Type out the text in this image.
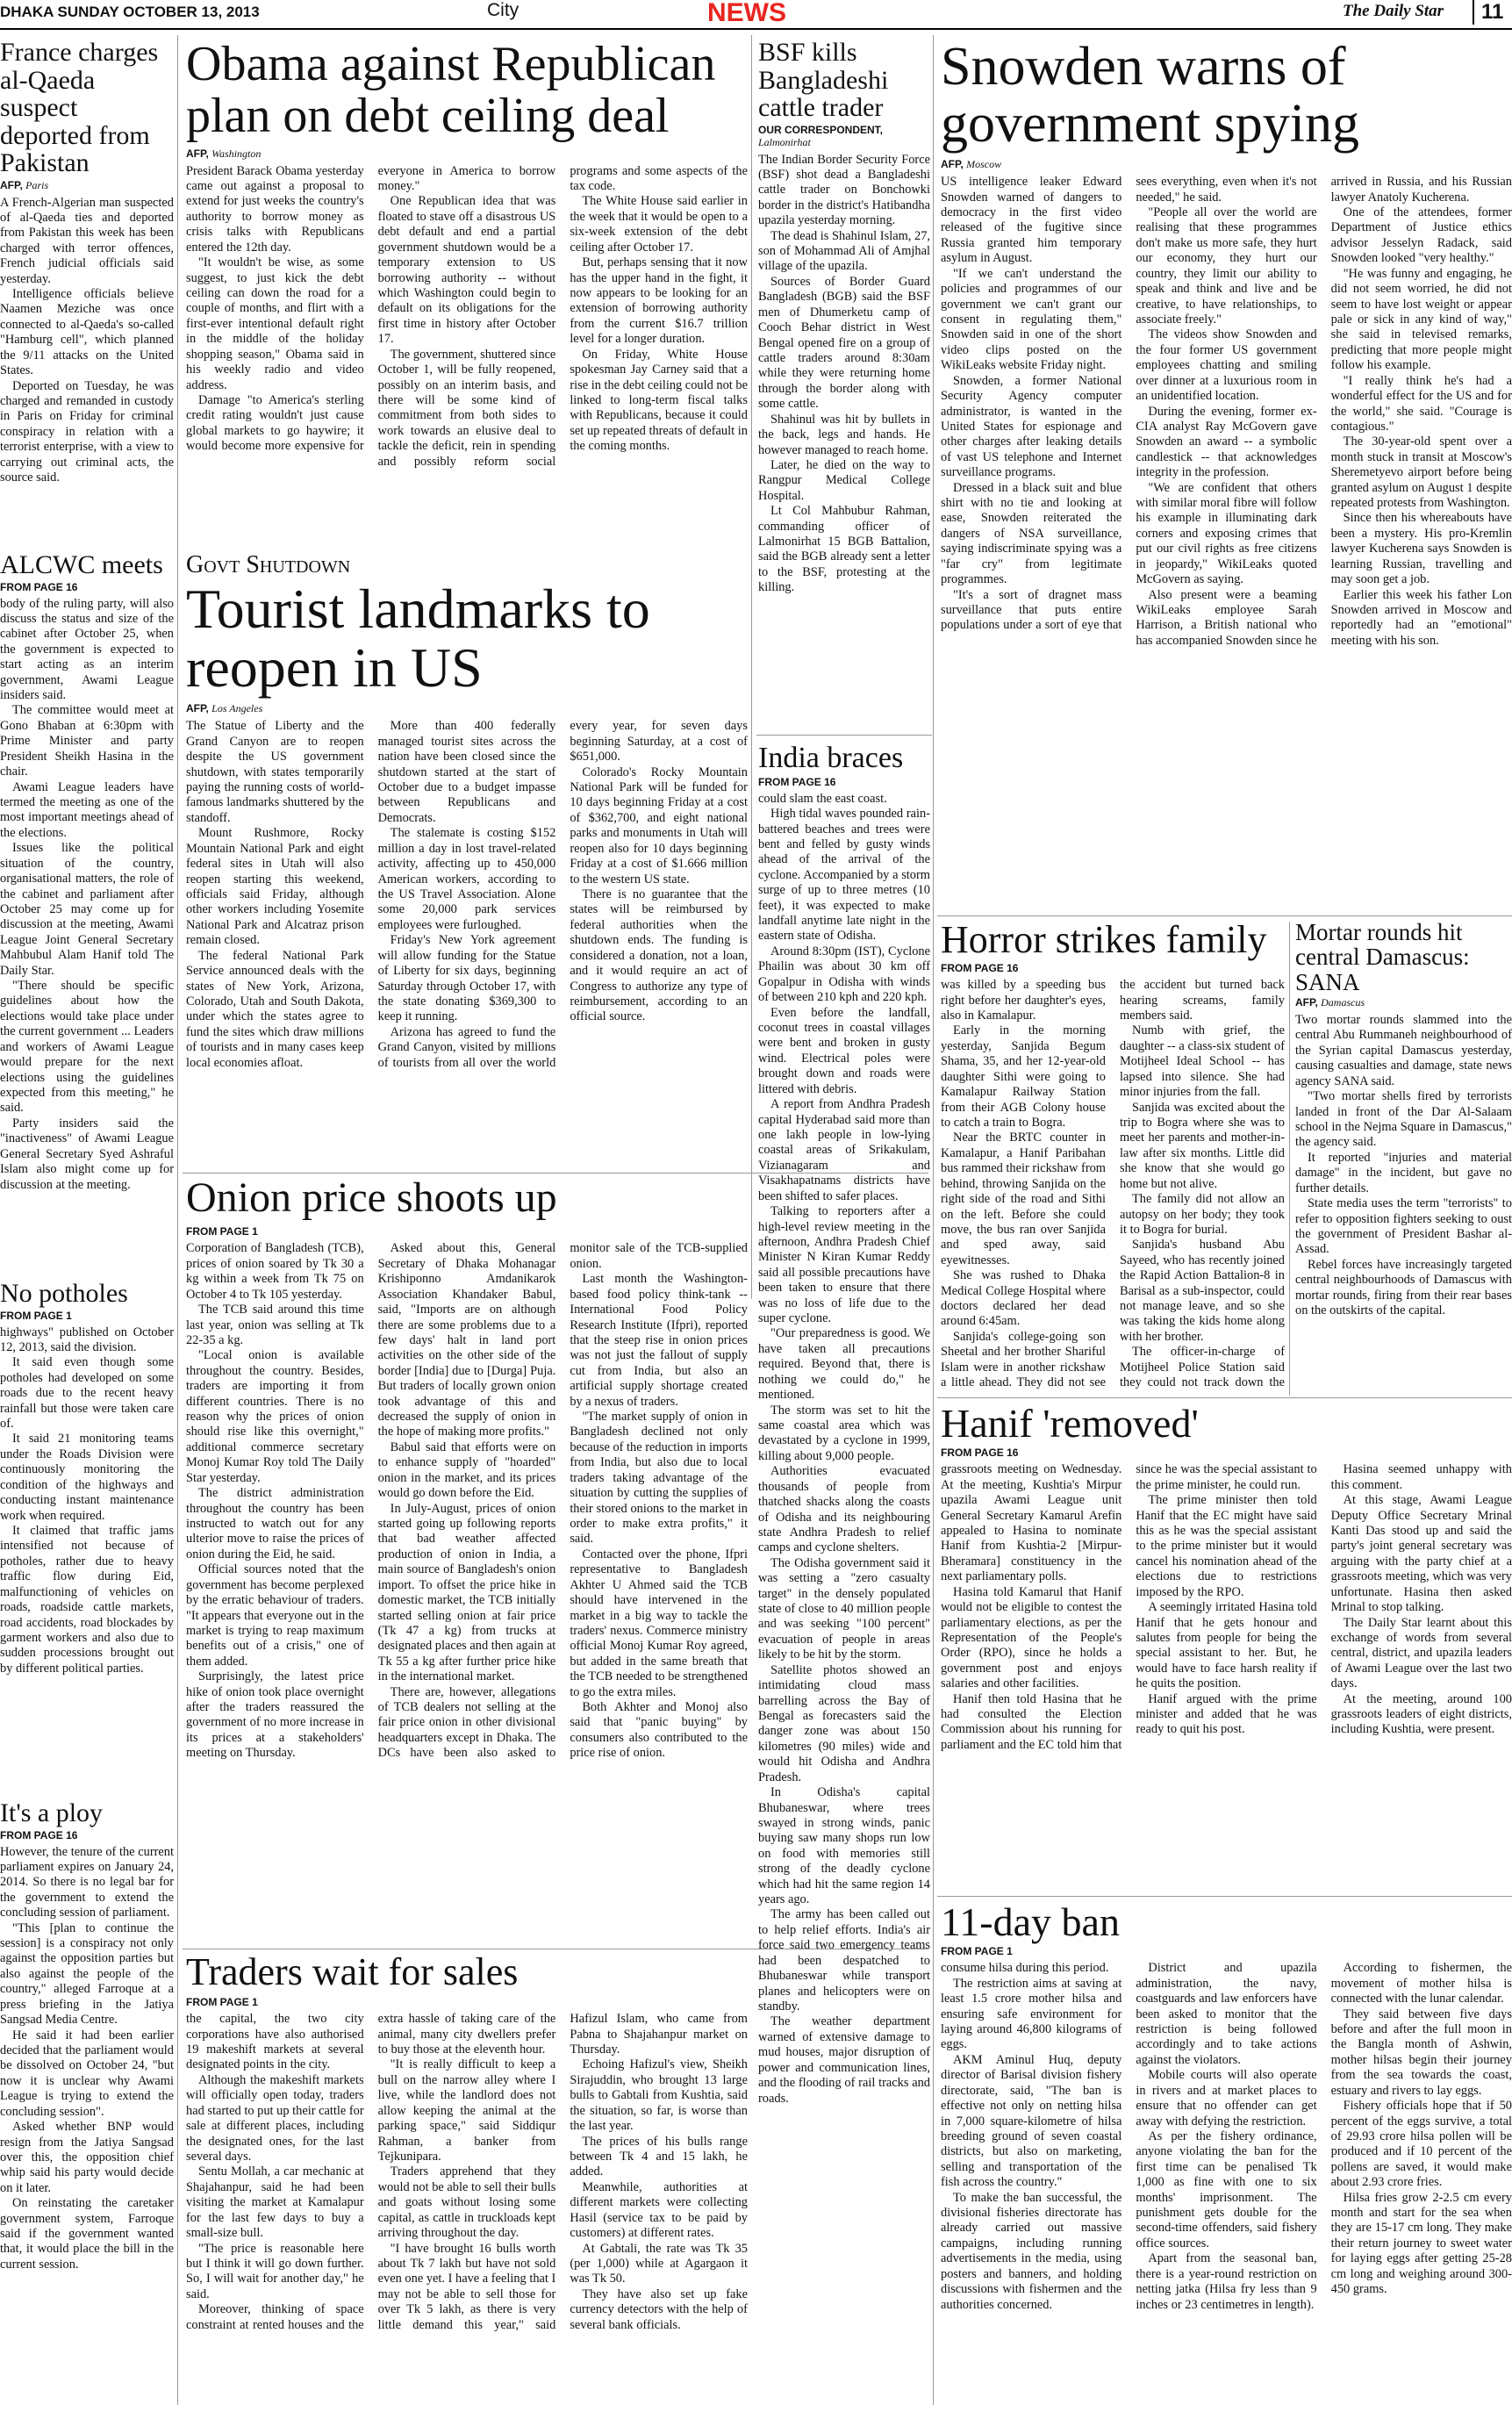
DHAKA SUNDAY OCTOBER 13, 2013	City	NEWS	The Daily Star	11
France charges al-Qaeda suspect deported from Pakistan
AFP, Paris

A French-Algerian man suspected of al-Qaeda ties and deported from Pakistan this week has been charged with terror offences, French judicial officials said yesterday.

Intelligence officials believe Naamen Meziche was once connected to al-Qaeda's so-called "Hamburg cell", which planned the 9/11 attacks on the United States.

Deported on Tuesday, he was charged and remanded in custody in Paris on Friday for criminal conspiracy in relation with a terrorist enterprise, with a view to carrying out criminal acts, the source said.

ALCWC meets
FROM PAGE 16

body of the ruling party, will also discuss the status and size of the cabinet after October 25, when the government is expected to start acting as an interim government, Awami League insiders said.

The committee would meet at Gono Bhaban at 6:30pm with Prime Minister and party President Sheikh Hasina in the chair.

Awami League leaders have termed the meeting as one of the most important meetings ahead of the elections.

Issues like the political situation of the country, organisational matters, the role of the cabinet and parliament after October 25 may come up for discussion at the meeting, Awami League Joint General Secretary Mahbubul Alam Hanif told The Daily Star.

"There should be specific guidelines about how the elections would take place under the current government ... Leaders and workers of Awami League would prepare for the next elections using the guidelines expected from this meeting," he said.

Party insiders said the "inactiveness" of Awami League General Secretary Syed Ashraful Islam also might come up for discussion at the meeting.

No potholes
FROM PAGE 1

highways" published on October 12, 2013, said the division.

It said even though some potholes had developed on some roads due to the recent heavy rainfall but those were taken care of.

It said 21 monitoring teams under the Roads Division were continuously monitoring the condition of the highways and conducting instant maintenance work when required.

It claimed that traffic jams intensified not because of potholes, rather due to heavy traffic flow during Eid, malfunctioning of vehicles on roads, roadside cattle markets, road accidents, road blockades by garment workers and also due to sudden processions brought out by different political parties.

It's a ploy
FROM PAGE 16

However, the tenure of the current parliament expires on January 24, 2014. So there is no legal bar for the government to extend the concluding session of parliament.

"This [plan to continue the session] is a conspiracy not only against the opposition parties but also against the people of the country," alleged Farroque at a press briefing in the Jatiya Sangsad Media Centre.

He said it had been earlier decided that the parliament would be dissolved on October 24, "but now it is unclear why Awami League is trying to extend the concluding session".

Asked whether BNP would resign from the Jatiya Sangsad over this, the opposition chief whip said his party would decide on it later.

On reinstating the caretaker government system, Farroque said if the government wanted that, it would place the bill in the current session.

Obama against Republican plan on debt ceiling deal
AFP, Washington

President Barack Obama yesterday came out against a proposal to extend for just weeks the country's authority to borrow money as crisis talks with Republicans entered the 12th day.

"It wouldn't be wise, as some suggest, to just kick the debt ceiling can down the road for a couple of months, and flirt with a first-ever intentional default right in the middle of the holiday shopping season," Obama said in his weekly radio and video address.

Damage "to America's sterling credit rating wouldn't just cause global markets to go haywire; it would become more expensive for everyone in America to borrow money."

One Republican idea that was floated to stave off a disastrous US debt default and end a partial government shutdown would be a temporary extension to US borrowing authority -- without which Washington could begin to default on its obligations for the first time in history after October 17.

The government, shuttered since October 1, will be fully reopened, possibly on an interim basis, and there will be some kind of commitment from both sides to work towards an elusive deal to tackle the deficit, rein in spending and possibly reform social programs and some aspects of the tax code.

The White House said earlier in the week that it would be open to a six-week extension of the debt ceiling after October 17.

But, perhaps sensing that it now has the upper hand in the fight, it now appears to be looking for an extension of borrowing authority from the current $16.7 trillion level for a longer duration.

On Friday, White House spokesman Jay Carney said that a rise in the debt ceiling could not be linked to long-term fiscal talks with Republicans, because it could set up repeated threats of default in the coming months.

Govt Shutdown
Tourist landmarks to reopen in US
AFP, Los Angeles

The Statue of Liberty and the Grand Canyon are to reopen despite the US government shutdown, with states temporarily paying the running costs of world-famous landmarks shuttered by the standoff.

Mount Rushmore, Rocky Mountain National Park and eight federal sites in Utah will also reopen starting this weekend, officials said Friday, although other workers including Yosemite National Park and Alcatraz prison remain closed.

The federal National Park Service announced deals with the states of New York, Arizona, Colorado, Utah and South Dakota, under which the states agree to fund the sites which draw millions of tourists and in many cases keep local economies afloat.

More than 400 federally managed tourist sites across the nation have been closed since the shutdown started at the start of October due to a budget impasse between Republicans and Democrats.

The stalemate is costing $152 million a day in lost travel-related activity, affecting up to 450,000 American workers, according to the US Travel Association. Alone some 20,000 park services employees were furloughed.

Friday's New York agreement will allow funding for the Statue of Liberty for six days, beginning Saturday through October 17, with the state donating $369,300 to keep it running.

Arizona has agreed to fund the Grand Canyon, visited by millions of tourists from all over the world every year, for seven days beginning Saturday, at a cost of $651,000.

Colorado's Rocky Mountain National Park will be funded for 10 days beginning Friday at a cost of $362,700, and eight national parks and monuments in Utah will reopen also for 10 days beginning Friday at a cost of $1.666 million to the western US state.

There is no guarantee that the states will be reimbursed by federal authorities when the shutdown ends. The funding is considered a donation, not a loan, and it would require an act of Congress to authorize any type of reimbursement, according to an official source.

BSF kills Bangladeshi cattle trader
OUR CORRESPONDENT,
Lalmonirhat

The Indian Border Security Force (BSF) shot dead a Bangladeshi cattle trader on Bonchowki border in the district's Hatibandha upazila yesterday morning.

The dead is Shahinul Islam, 27, son of Mohammad Ali of Amjhal village of the upazila.

Sources of Border Guard Bangladesh (BGB) said the BSF men of Dhumerketu camp of Cooch Behar district in West Bengal opened fire on a group of cattle traders around 8:30am while they were returning home through the border along with some cattle.

Shahinul was hit by bullets in the back, legs and hands. He however managed to reach home.

Later, he died on the way to Rangpur Medical College Hospital.

Lt Col Mahbubur Rahman, commanding officer of Lalmonirhat 15 BGB Battalion, said the BGB already sent a letter to the BSF, protesting at the killing.

India braces
FROM PAGE 16

could slam the east coast.

High tidal waves pounded rain-battered beaches and trees were bent and felled by gusty winds ahead of the arrival of the cyclone. Accompanied by a storm surge of up to three metres (10 feet), it was expected to make landfall anytime late night in the eastern state of Odisha.

Around 8:30pm (IST), Cyclone Phailin was about 30 km off Gopalpur in Odisha with winds of between 210 kph and 220 kph.

Even before the landfall, coconut trees in coastal villages were bent and broken in gusty wind. Electrical poles were brought down and roads were littered with debris.

A report from Andhra Pradesh capital Hyderabad said more than one lakh people in low-lying coastal areas of Srikakulam, Vizianagaram and Visakhapatnams districts have been shifted to safer places.

Talking to reporters after a high-level review meeting in the afternoon, Andhra Pradesh Chief Minister N Kiran Kumar Reddy said all possible precautions have been taken to ensure that there was no loss of life due to the super cyclone.

"Our preparedness is good. We have taken all precautions required. Beyond that, there is nothing we could do," he mentioned.

The storm was set to hit the same coastal area which was devastated by a cyclone in 1999, killing about 9,000 people.

Authorities evacuated thousands of people from thatched shacks along the coasts of Odisha and its neighbouring state Andhra Pradesh to relief camps and cyclone shelters.

The Odisha government said it was setting a "zero casualty target" in the densely populated state of close to 40 million people and was seeking "100 percent" evacuation of people in areas likely to be hit by the storm.

Satellite photos showed an intimidating cloud mass barrelling across the Bay of Bengal as forecasters said the danger zone was about 150 kilometres (90 miles) wide and would hit Odisha and Andhra Pradesh.

In Odisha's capital Bhubaneswar, where trees swayed in strong winds, panic buying saw many shops run low on food with memories still strong of the deadly cyclone which had hit the same region 14 years ago.

The army has been called out to help relief efforts. India's air force said two emergency teams had been despatched to Bhubaneswar while transport planes and helicopters were on standby.

The weather department warned of extensive damage to mud houses, major disruption of power and communication lines, and the flooding of rail tracks and roads.

Onion price shoots up
FROM PAGE 1

Corporation of Bangladesh (TCB), prices of onion soared by Tk 30 a kg within a week from Tk 75 on October 4 to Tk 105 yesterday.

The TCB said around this time last year, onion was selling at Tk 22-35 a kg.

"Local onion is available throughout the country. Besides, traders are importing it from different countries. There is no reason why the prices of onion should rise like this overnight," additional commerce secretary Monoj Kumar Roy told The Daily Star yesterday.

The district administration throughout the country has been instructed to watch out for any ulterior move to raise the prices of onion during the Eid, he said.

Official sources noted that the government has become perplexed by the erratic behaviour of traders. "It appears that everyone out in the market is trying to reap maximum benefits out of a crisis," one of them added.

Surprisingly, the latest price hike of onion took place overnight after the traders reassured the government of no more increase in its prices at a stakeholders' meeting on Thursday.

Asked about this, General Secretary of Dhaka Mohanagar Krishiponno Amdanikarok Association Khandaker Babul, said, "Imports are on although there are some problems due to a few days' halt in land port activities on the other side of the border [India] due to [Durga] Puja. But traders of locally grown onion took advantage of this and decreased the supply of onion in the hope of making more profits."

Babul said that efforts were on to enhance supply of "hoarded" onion in the market, and its prices would go down before the Eid.

In July-August, prices of onion started going up following reports that bad weather affected production of onion in India, a main source of Bangladesh's onion import. To offset the price hike in domestic market, the TCB initially started selling onion at fair price (Tk 47 a kg) from trucks at designated places and then again at Tk 55 a kg after further price hike in the international market.

There are, however, allegations of TCB dealers not selling at the fair price onion in other divisional headquarters except in Dhaka. The DCs have been also asked to monitor sale of the TCB-supplied onion.

Last month the Washington-based food policy think-tank -- International Food Policy Research Institute (Ifpri), reported that the steep rise in onion prices was not just the fallout of supply cut from India, but also an artificial supply shortage created by a nexus of traders.

"The market supply of onion in Bangladesh declined not only because of the reduction in imports from India, but also due to local traders taking advantage of the situation by cutting the supplies of their stored onions to the market in order to make extra profits," it said.

Contacted over the phone, Ifpri representative to Bangladesh Akhter U Ahmed said the TCB should have intervened in the market in a big way to tackle the traders' nexus. Commerce ministry official Monoj Kumar Roy agreed, but added in the same breath that the TCB needed to be strengthened to go the extra miles.

Both Akhter and Monoj also said that "panic buying" by consumers also contributed to the price rise of onion.

Traders wait for sales
FROM PAGE 1

the capital, the two city corporations have also authorised 19 makeshift markets at several designated points in the city.

Although the makeshift markets will officially open today, traders had started to put up their cattle for sale at different places, including the designated ones, for the last several days.

Sentu Mollah, a car mechanic at Shajahanpur, said he had been visiting the market at Kamalapur for the last few days to buy a small-size bull.

"The price is reasonable here but I think it will go down further. So, I will wait for another day," he said.

Moreover, thinking of space constraint at rented houses and the extra hassle of taking care of the animal, many city dwellers prefer to buy those at the eleventh hour.

"It is really difficult to keep a bull on the narrow alley where I live, while the landlord does not allow keeping the animal at the parking space," said Siddiqur Rahman, a banker from Tejkunipara.

Traders apprehend that they would not be able to sell their bulls and goats without losing some capital, as cattle in truckloads kept arriving throughout the day.

"I have brought 16 bulls worth about Tk 7 lakh but have not sold even one yet. I have a feeling that I may not be able to sell those for over Tk 5 lakh, as there is very little demand this year," said Hafizul Islam, who came from Pabna to Shajahanpur market on Thursday.

Echoing Hafizul's view, Sheikh Sirajuddin, who brought 13 large bulls to Gabtali from Kushtia, said the situation, so far, is worse than the last year.

The prices of his bulls range between Tk 4 and 15 lakh, he added.

Meanwhile, authorities at different markets were collecting Hasil (service tax to be paid by customers) at different rates.

At Gabtali, the rate was Tk 35 (per 1,000) while at Agargaon it was Tk 50.

They have also set up fake currency detectors with the help of several bank officials.

Snowden warns of government spying
AFP, Moscow

US intelligence leaker Edward Snowden warned of dangers to democracy in the first video released of the fugitive since Russia granted him temporary asylum in August.

"If we can't understand the policies and programmes of our government we can't grant our consent in regulating them," Snowden said in one of the short video clips posted on the WikiLeaks website Friday night.

Snowden, a former National Security Agency computer administrator, is wanted in the United States for espionage and other charges after leaking details of vast US telephone and Internet surveillance programs.

Dressed in a black suit and blue shirt with no tie and looking at ease, Snowden reiterated the dangers of NSA surveillance, saying indiscriminate spying was a "far cry" from legitimate programmes.

"It's a sort of dragnet mass surveillance that puts entire populations under a sort of eye that sees everything, even when it's not needed," he said.

"People all over the world are realising that these programmes don't make us more safe, they hurt our economy, they hurt our country, they limit our ability to speak and think and live and be creative, to have relationships, to associate freely."

The videos show Snowden and the four former US government employees chatting and smiling over dinner at a luxurious room in an unidentified location.

During the evening, former ex-CIA analyst Ray McGovern gave Snowden an award -- a symbolic candlestick -- that acknowledges integrity in the profession.

"We are confident that others with similar moral fibre will follow his example in illuminating dark corners and exposing crimes that put our civil rights as free citizens in jeopardy," WikiLeaks quoted McGovern as saying.

Also present were a beaming WikiLeaks employee Sarah Harrison, a British national who has accompanied Snowden since he arrived in Russia, and his Russian lawyer Anatoly Kucherena.

One of the attendees, former Department of Justice ethics advisor Jesselyn Radack, said Snowden looked "very healthy."

"He was funny and engaging, he did not seem worried, he did not seem to have lost weight or appear pale or sick in any kind of way," she said in televised remarks, predicting that more people might follow his example.

"I really think he's had a wonderful effect for the US and for the world," she said. "Courage is contagious."

The 30-year-old spent over a month stuck in transit at Moscow's Sheremetyevo airport before being granted asylum on August 1 despite repeated protests from Washington.

Since then his whereabouts have been a mystery. His pro-Kremlin lawyer Kucherena says Snowden is learning Russian, travelling and may soon get a job.

Earlier this week his father Lon Snowden arrived in Moscow and reportedly had an "emotional" meeting with his son.

Horror strikes family
FROM PAGE 16

was killed by a speeding bus right before her daughter's eyes, also in Kamalapur.

Early in the morning yesterday, Sanjida Begum Shama, 35, and her 12-year-old daughter Sithi were going to Kamalapur Railway Station from their AGB Colony house to catch a train to Bogra.

Near the BRTC counter in Kamalapur, a Hanif Paribahan bus rammed their rickshaw from behind, throwing Sanjida on the right side of the road and Sithi on the left. Before she could move, the bus ran over Sanjida and sped away, said eyewitnesses.

She was rushed to Dhaka Medical College Hospital where doctors declared her dead around 6:45am.

Sanjida's college-going son Sheetal and her brother Shariful Islam were in another rickshaw a little ahead. They did not see the accident but turned back hearing screams, family members said.

Numb with grief, the daughter -- a class-six student of Motijheel Ideal School -- has lapsed into silence. She had minor injuries from the fall.

Sanjida was excited about the trip to Bogra where she was to meet her parents and mother-in-law after six months. Little did she know that she would go home but not alive.

The family did not allow an autopsy on her body; they took it to Bogra for burial.

Sanjida's husband Abu Sayeed, who has recently joined the Rapid Action Battalion-8 in Barisal as a sub-inspector, could not manage leave, and so she was taking the kids home along with her brother.

The officer-in-charge of Motijheel Police Station said they could not track down the

Mortar rounds hit central Damascus: SANA
AFP, Damascus

Two mortar rounds slammed into the central Abu Rummaneh neighbourhood of the Syrian capital Damascus yesterday, causing casualties and damage, state news agency SANA said.

"Two mortar shells fired by terrorists landed in front of the Dar Al-Salaam school in the Nejma Square in Damascus," the agency said.

It reported "injuries and material damage" in the incident, but gave no further details.

State media uses the term "terrorists" to refer to opposition fighters seeking to oust the government of President Bashar al-Assad.

Rebel forces have increasingly targeted central neighbourhoods of Damascus with mortar rounds, firing from their rear bases on the outskirts of the capital.

Hanif 'removed'
FROM PAGE 16

grassroots meeting on Wednesday. At the meeting, Kushtia's Mirpur upazila Awami League unit General Secretary Kamarul Arefin appealed to Hasina to nominate Hanif from Kushtia-2 [Mirpur-Bheramara] constituency in the next parliamentary polls.

Hasina told Kamarul that Hanif would not be eligible to contest the parliamentary elections, as per the Representation of the People's Order (RPO), since he holds a government post and enjoys salaries and other facilities.

Hanif then told Hasina that he had consulted the Election Commission about his running for parliament and the EC told him that since he was the special assistant to the prime minister, he could run.

The prime minister then told Hanif that the EC might have said this as he was the special assistant to the prime minister but it would cancel his nomination ahead of the elections due to restrictions imposed by the RPO.

A seemingly irritated Hasina told Hanif that he gets honour and salutes from people for being the special assistant to her. But, he would have to face harsh reality if he quits the position.

Hanif argued with the prime minister and added that he was ready to quit his post.

Hasina seemed unhappy with this comment.

At this stage, Awami League Deputy Office Secretary Mrinal Kanti Das stood up and said the party's joint general secretary was arguing with the party chief at a grassroots meeting, which was very unfortunate. Hasina then asked Mrinal to stop talking.

The Daily Star learnt about this exchange of words from several central, district, and upazila leaders of Awami League over the last two days.

At the meeting, around 100 grassroots leaders of eight districts, including Kushtia, were present.

11-day ban
FROM PAGE 1

consume hilsa during this period.

The restriction aims at saving at least 1.5 crore mother hilsa and ensuring safe environment for laying around 46,800 kilograms of eggs.

AKM Aminul Huq, deputy director of Barisal division fishery directorate, said, "The ban is effective not only on netting hilsa in 7,000 square-kilometre of hilsa breeding ground of seven coastal districts, but also on marketing, selling and transportation of the fish across the country."

To make the ban successful, the divisional fisheries directorate has already carried out massive campaigns, including running advertisements in the media, using posters and banners, and holding discussions with fishermen and the authorities concerned.

District and upazila administration, the navy, coastguards and law enforcers have been asked to monitor that the restriction is being followed accordingly and to take actions against the violators.

Mobile courts will also operate in rivers and at market places to ensure that no offender can get away with defying the restriction.

As per the fishery ordinance, anyone violating the ban for the first time can be penalised Tk 1,000 as fine with one to six months' imprisonment. The punishment gets double for the second-time offenders, said fishery office sources.

Apart from the seasonal ban, there is a year-round restriction on netting jatka (Hilsa fry less than 9 inches or 23 centimetres in length).

According to fishermen, the movement of mother hilsa is connected with the lunar calendar.

They said between five days before and after the full moon in the Bangla month of Ashwin, mother hilsas begin their journey from the sea towards the coast, estuary and rivers to lay eggs.

Fishery officials hope that if 50 percent of the eggs survive, a total of 29.93 crore hilsa pollen will be produced and if 10 percent of the pollens are saved, it would make about 2.93 crore fries.

Hilsa fries grow 2-2.5 cm every month and start for the sea when they are 15-17 cm long. They make their return journey to sweet water for laying eggs after getting 25-28 cm long and weighing around 300-450 grams.
